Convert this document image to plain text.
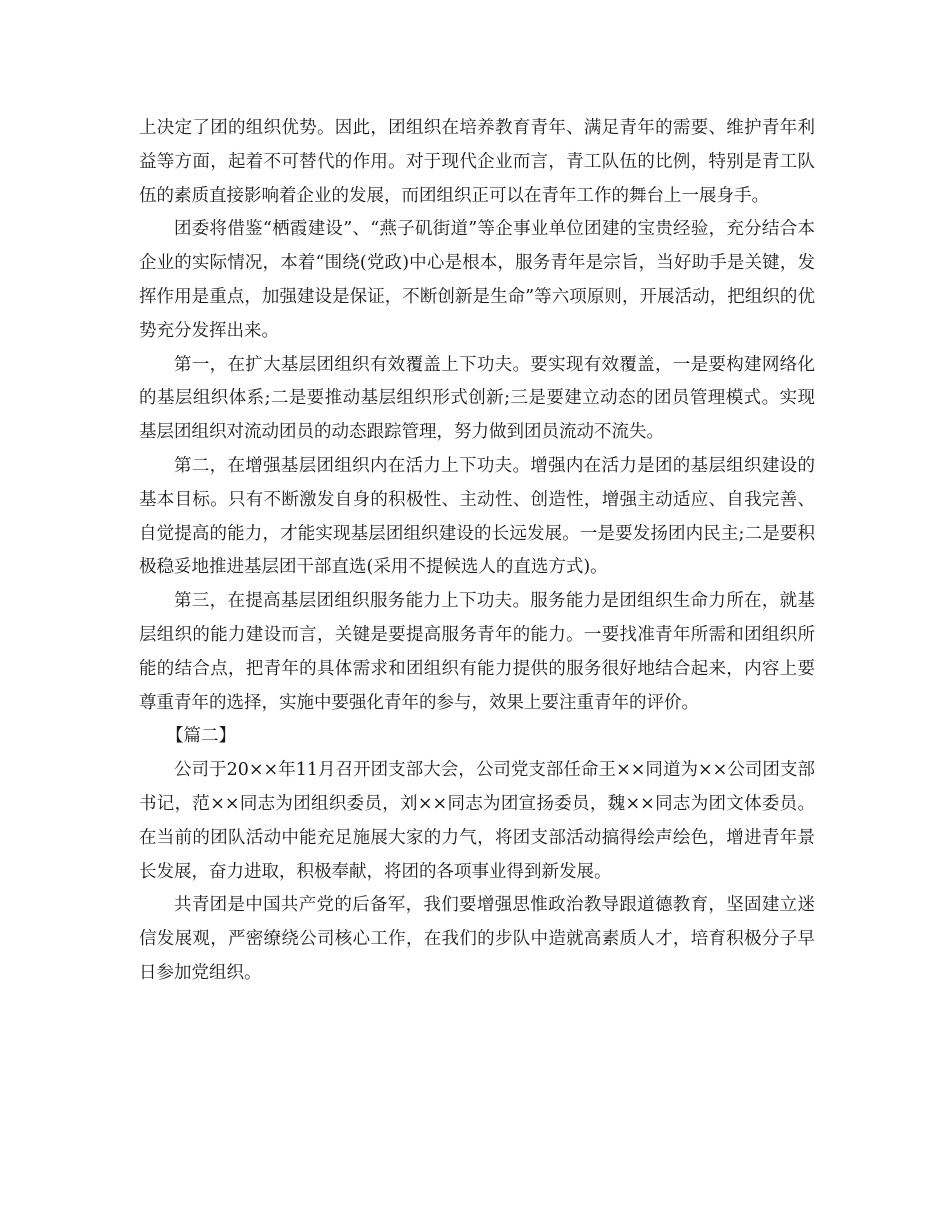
上决定了团的组织优势。因此，团组织在培养教育青年、满足青年的需要、维护青年利益等方面，起着不可替代的作用。对于现代企业而言，青工队伍的比例，特别是青工队伍的素质直接影响着企业的发展，而团组织正可以在青年工作的舞台上一展身手。

团委将借鉴“栖霞建设”、“燕子矶街道”等企事业单位团建的宝贵经验，充分结合本企业的实际情况，本着“围绕(党政)中心是根本，服务青年是宗旨，当好助手是关键，发挥作用是重点，加强建设是保证，不断创新是生命”等六项原则，开展活动，把组织的优势充分发挥出来。

第一，在扩大基层团组织有效覆盖上下功夫。要实现有效覆盖，一是要构建网络化的基层组织体系;二是要推动基层组织形式创新;三是要建立动态的团员管理模式。实现基层团组织对流动团员的动态跟踪管理，努力做到团员流动不流失。

第二，在增强基层团组织内在活力上下功夫。增强内在活力是团的基层组织建设的基本目标。只有不断激发自身的积极性、主动性、创造性，增强主动适应、自我完善、自觉提高的能力，才能实现基层团组织建设的长远发展。一是要发扬团内民主;二是要积极稳妥地推进基层团干部直选(采用不提候选人的直选方式)。

第三，在提高基层团组织服务能力上下功夫。服务能力是团组织生命力所在，就基层组织的能力建设而言，关键是要提高服务青年的能力。一要找准青年所需和团组织所能的结合点，把青年的具体需求和团组织有能力提供的服务很好地结合起来，内容上要尊重青年的选择，实施中要强化青年的参与，效果上要注重青年的评价。

【篇二】

公司于20××年11月召开团支部大会，公司党支部任命王××同道为××公司团支部书记，范××同志为团组织委员，刘××同志为团宣扬委员，魏××同志为团文体委员。在当前的团队活动中能充足施展大家的力气，将团支部活动搞得绘声绘色，增进青年景长发展，奋力进取，积极奉献，将团的各项事业得到新发展。

共青团是中国共产党的后备军，我们要增强思惟政治教导跟道德教育，坚固建立迷信发展观，严密缭绕公司核心工作，在我们的步队中造就高素质人才，培育积极分子早日参加党组织。
